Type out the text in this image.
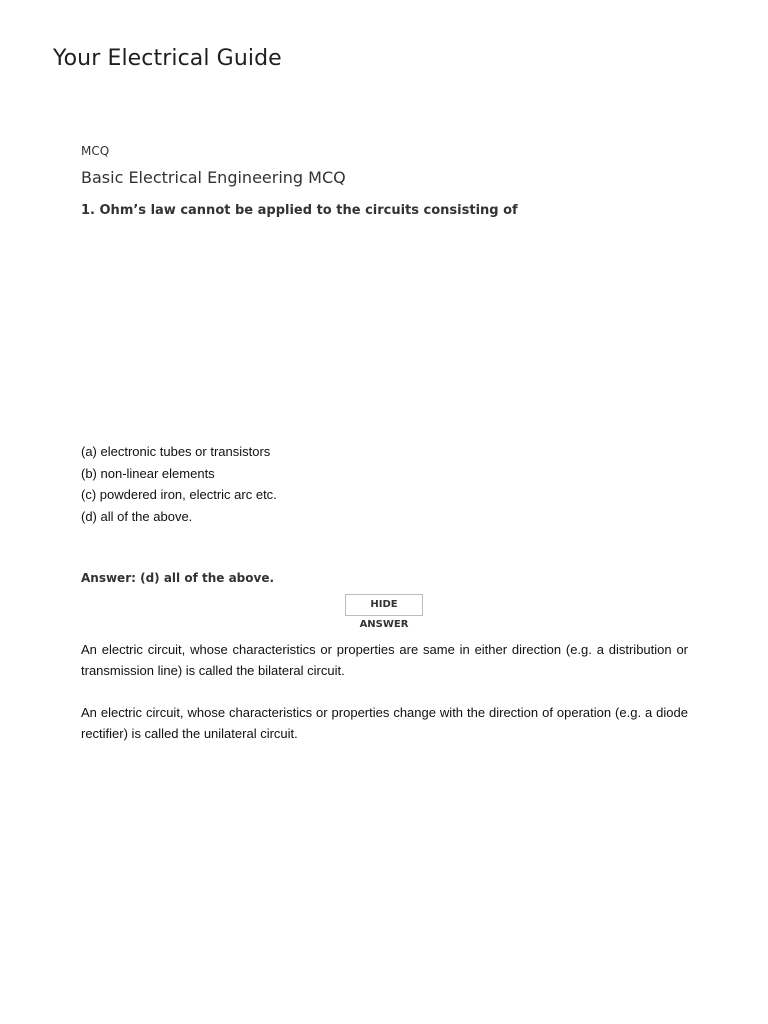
Your Electrical Guide
MCQ
Basic Electrical Engineering MCQ

1. Ohm’s law cannot be applied to the circuits consisting of

(a) electronic tubes or transistors
(b) non-linear elements
(c) powdered iron, electric arc etc.
(d) all of the above.

Answer: (d) all of the above.

HIDE ANSWER

An electric circuit, whose characteristics or properties are same in either direction (e.g. a distribution or transmission line) is called the bilateral circuit.

An electric circuit, whose characteristics or properties change with the direction of operation (e.g. a diode rectifier) is called the unilateral circuit.
